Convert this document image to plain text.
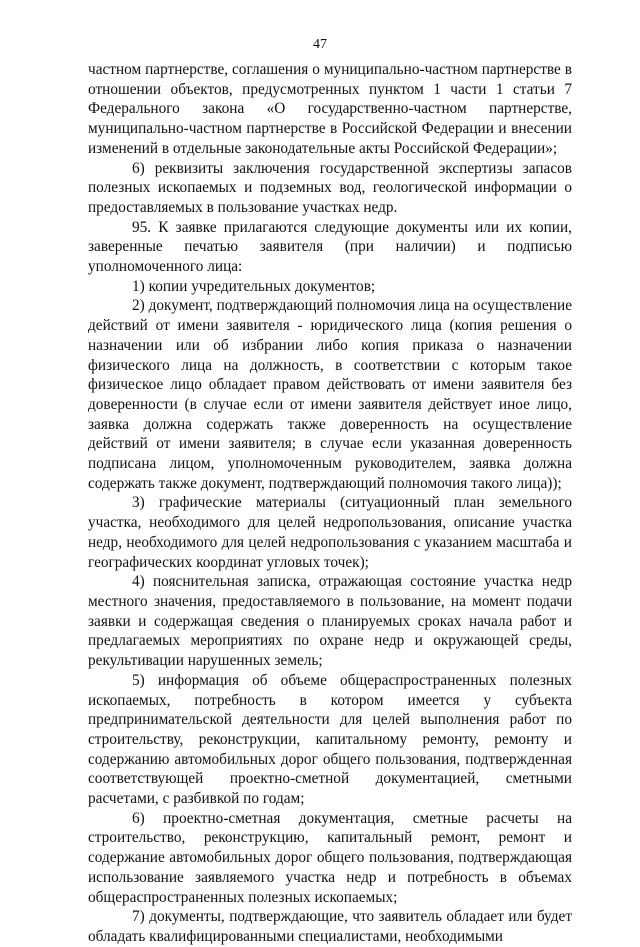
47

частном партнерстве, соглашения о муниципально-частном партнерстве в отношении объектов, предусмотренных пунктом 1 части 1 статьи 7 Федерального закона «О государственно-частном партнерстве, муниципально-частном партнерстве в Российской Федерации и внесении изменений в отдельные законодательные акты Российской Федерации»;

6) реквизиты заключения государственной экспертизы запасов полезных ископаемых и подземных вод, геологической информации о предоставляемых в пользование участках недр.

95. К заявке прилагаются следующие документы или их копии, заверенные печатью заявителя (при наличии) и подписью уполномоченного лица:

1) копии учредительных документов;

2) документ, подтверждающий полномочия лица на осуществление действий от имени заявителя - юридического лица (копия решения о назначении или об избрании либо копия приказа о назначении физического лица на должность, в соответствии с которым такое физическое лицо обладает правом действовать от имени заявителя без доверенности (в случае если от имени заявителя действует иное лицо, заявка должна содержать также доверенность на осуществление действий от имени заявителя; в случае если указанная доверенность подписана лицом, уполномоченным руководителем, заявка должна содержать также документ, подтверждающий полномочия такого лица));

3) графические материалы (ситуационный план земельного участка, необходимого для целей недропользования, описание участка недр, необходимого для целей недропользования с указанием масштаба и географических координат угловых точек);

4) пояснительная записка, отражающая состояние участка недр местного значения, предоставляемого в пользование, на момент подачи заявки и содержащая сведения о планируемых сроках начала работ и предлагаемых мероприятиях по охране недр и окружающей среды, рекультивации нарушенных земель;

5) информация об объеме общераспространенных полезных ископаемых, потребность в котором имеется у субъекта предпринимательской деятельности для целей выполнения работ по строительству, реконструкции, капитальному ремонту, ремонту и содержанию автомобильных дорог общего пользования, подтвержденная соответствующей проектно-сметной документацией, сметными расчетами, с разбивкой по годам;

6) проектно-сметная документация, сметные расчеты на строительство, реконструкцию, капитальный ремонт, ремонт и содержание автомобильных дорог общего пользования, подтверждающая использование заявляемого участка недр и потребность в объемах общераспространенных полезных ископаемых;

7) документы, подтверждающие, что заявитель обладает или будет обладать квалифицированными специалистами, необходимыми
